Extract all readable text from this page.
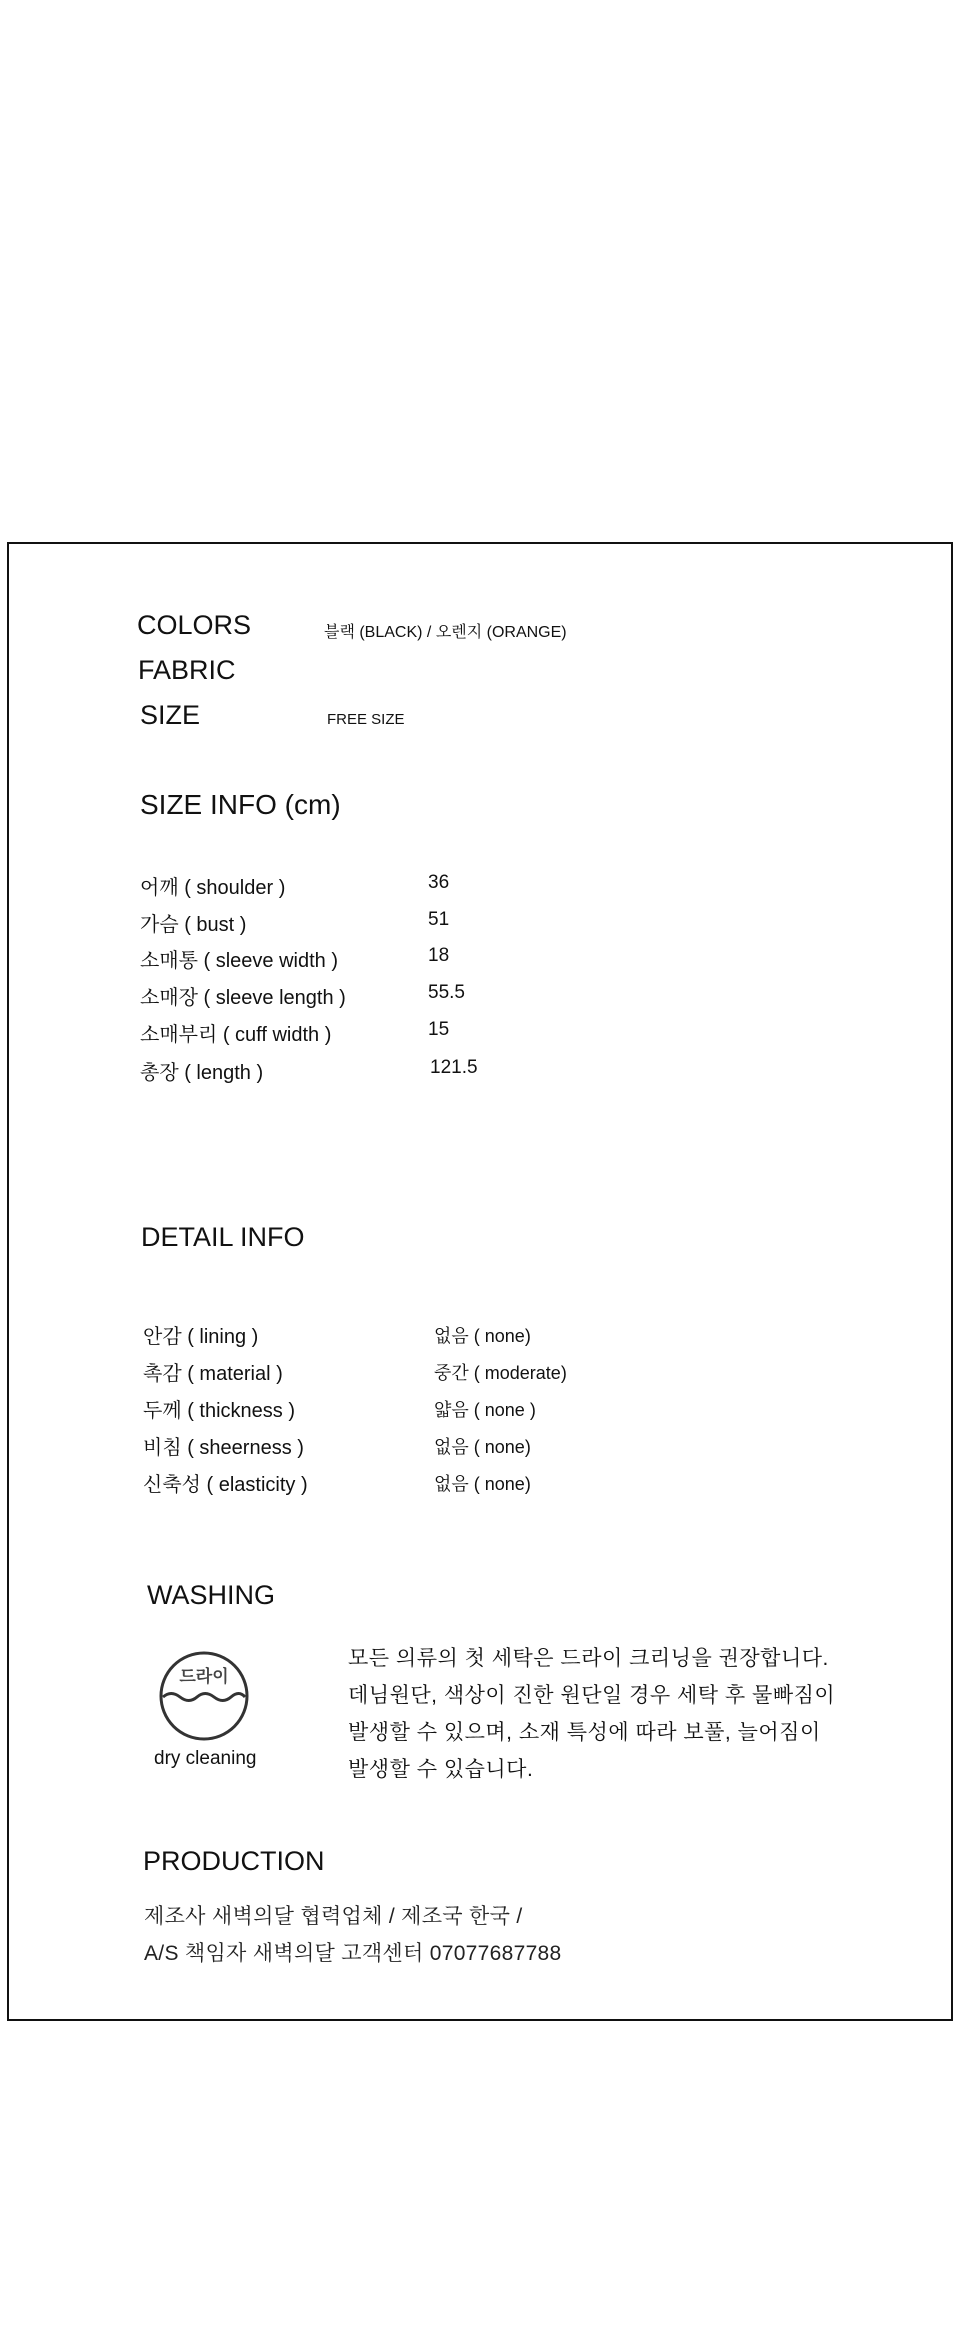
COLORS	블랙 (BLACK) / 오렌지 (ORANGE)
FABRIC
SIZE	FREE SIZE
SIZE INFO (cm)
어깨 ( shoulder )	36
가슴 ( bust )	51
소매통 ( sleeve width )	18
소매장 ( sleeve length )	55.5
소매부리 ( cuff width )	15
총장 ( length )	121.5
DETAIL INFO
안감 ( lining )	없음 ( none)
촉감 ( material )	중간 ( moderate)
두께 ( thickness )	얇음 ( none )
비침 ( sheerness )	없음 ( none)
신축성 ( elasticity )	없음 ( none)
WASHING
드라이
dry cleaning
모든 의류의 첫 세탁은 드라이 크리닝을 권장합니다.
데님원단, 색상이 진한 원단일 경우 세탁 후 물빠짐이
발생할 수 있으며, 소재 특성에 따라 보풀, 늘어짐이
발생할 수 있습니다.
PRODUCTION
제조사 새벽의달 협력업체 / 제조국 한국 /
A/S 책임자 새벽의달 고객센터 07077687788
